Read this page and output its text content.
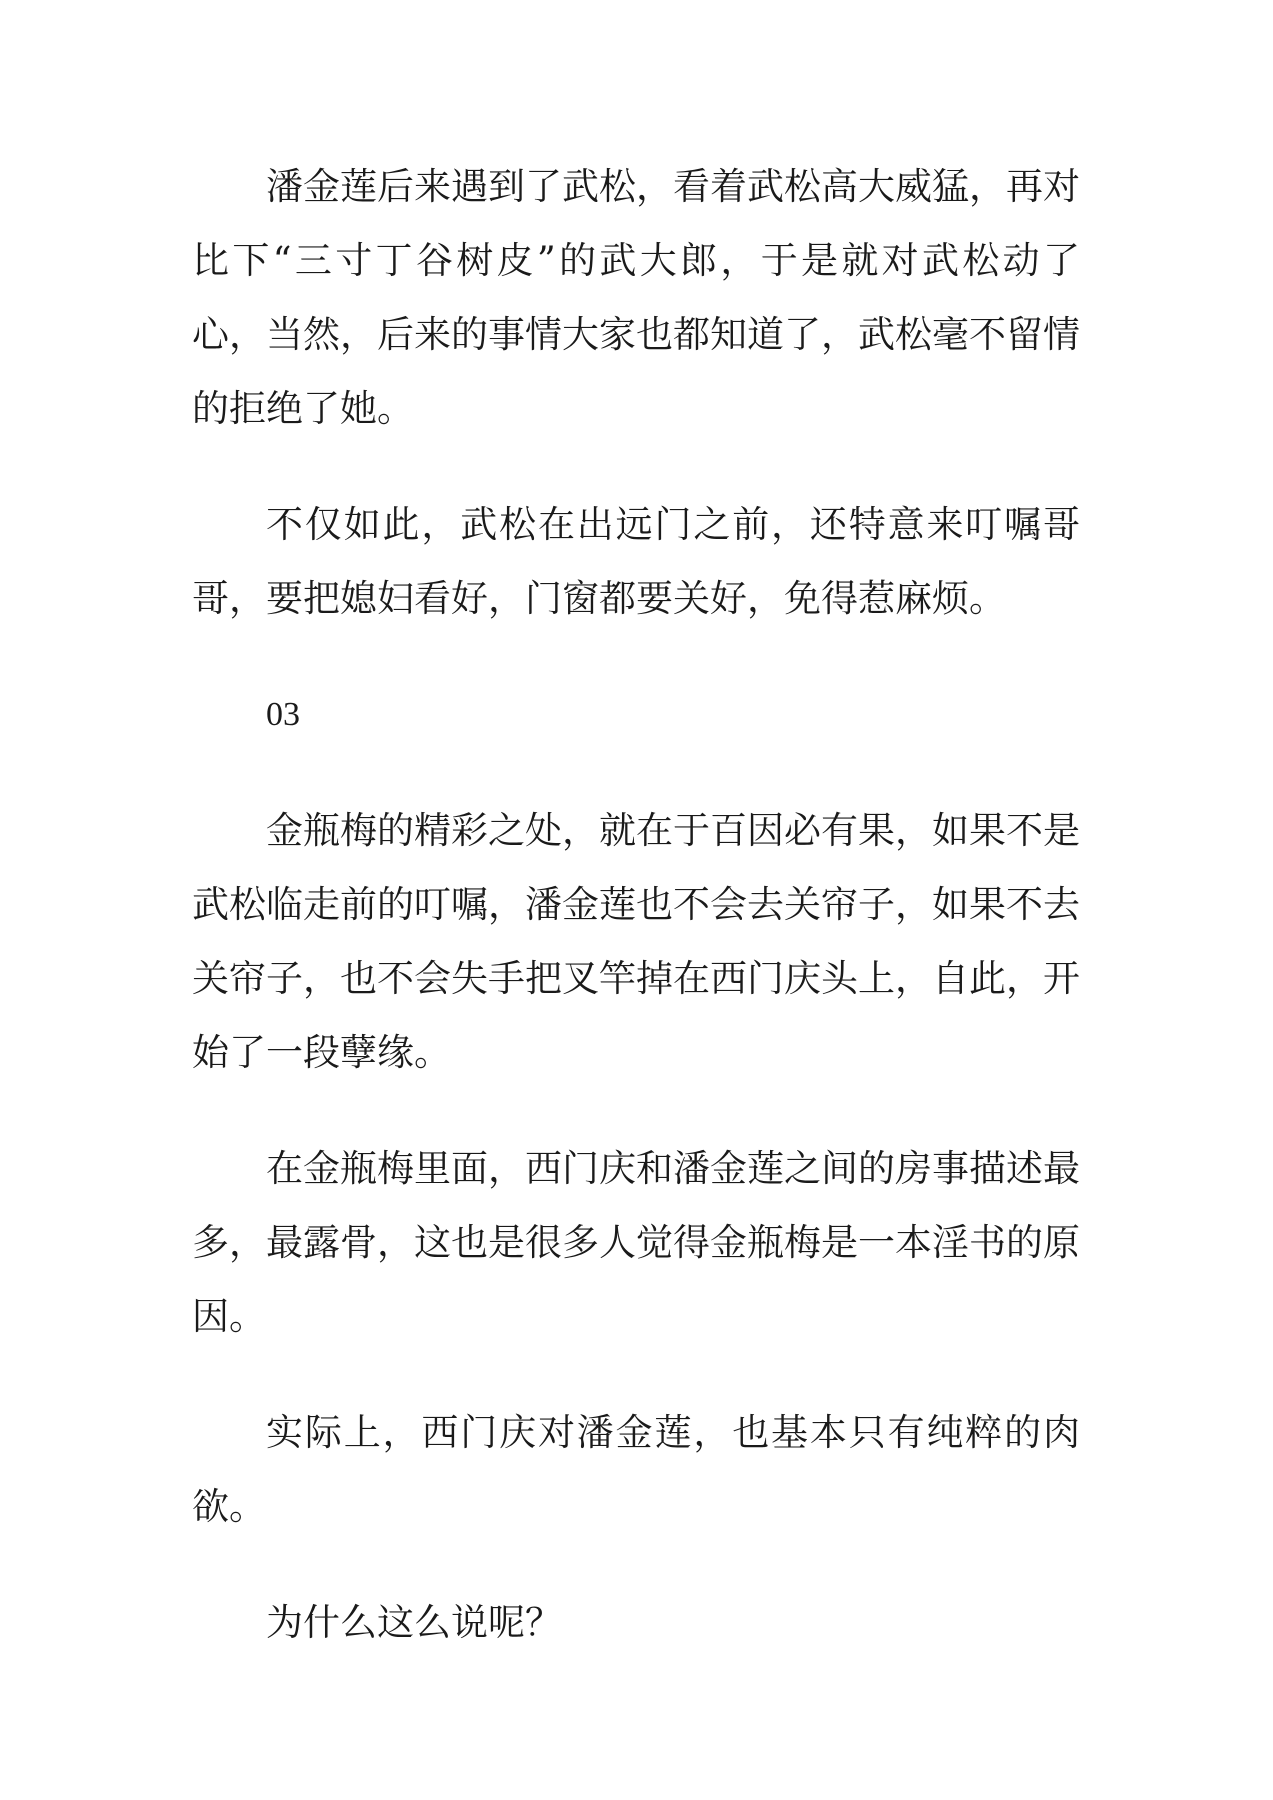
潘金莲后来遇到了武松，看着武松高大威猛，再对比下“三寸丁谷树皮”的武大郎，于是就对武松动了心，当然，后来的事情大家也都知道了，武松毫不留情的拒绝了她。

不仅如此，武松在出远门之前，还特意来叮嘱哥哥，要把媳妇看好，门窗都要关好，免得惹麻烦。

03

金瓶梅的精彩之处，就在于百因必有果，如果不是武松临走前的叮嘱，潘金莲也不会去关帘子，如果不去关帘子，也不会失手把叉竿掉在西门庆头上，自此，开始了一段孽缘。

在金瓶梅里面，西门庆和潘金莲之间的房事描述最多，最露骨，这也是很多人觉得金瓶梅是一本淫书的原因。

实际上，西门庆对潘金莲，也基本只有纯粹的肉欲。

为什么这么说呢？
